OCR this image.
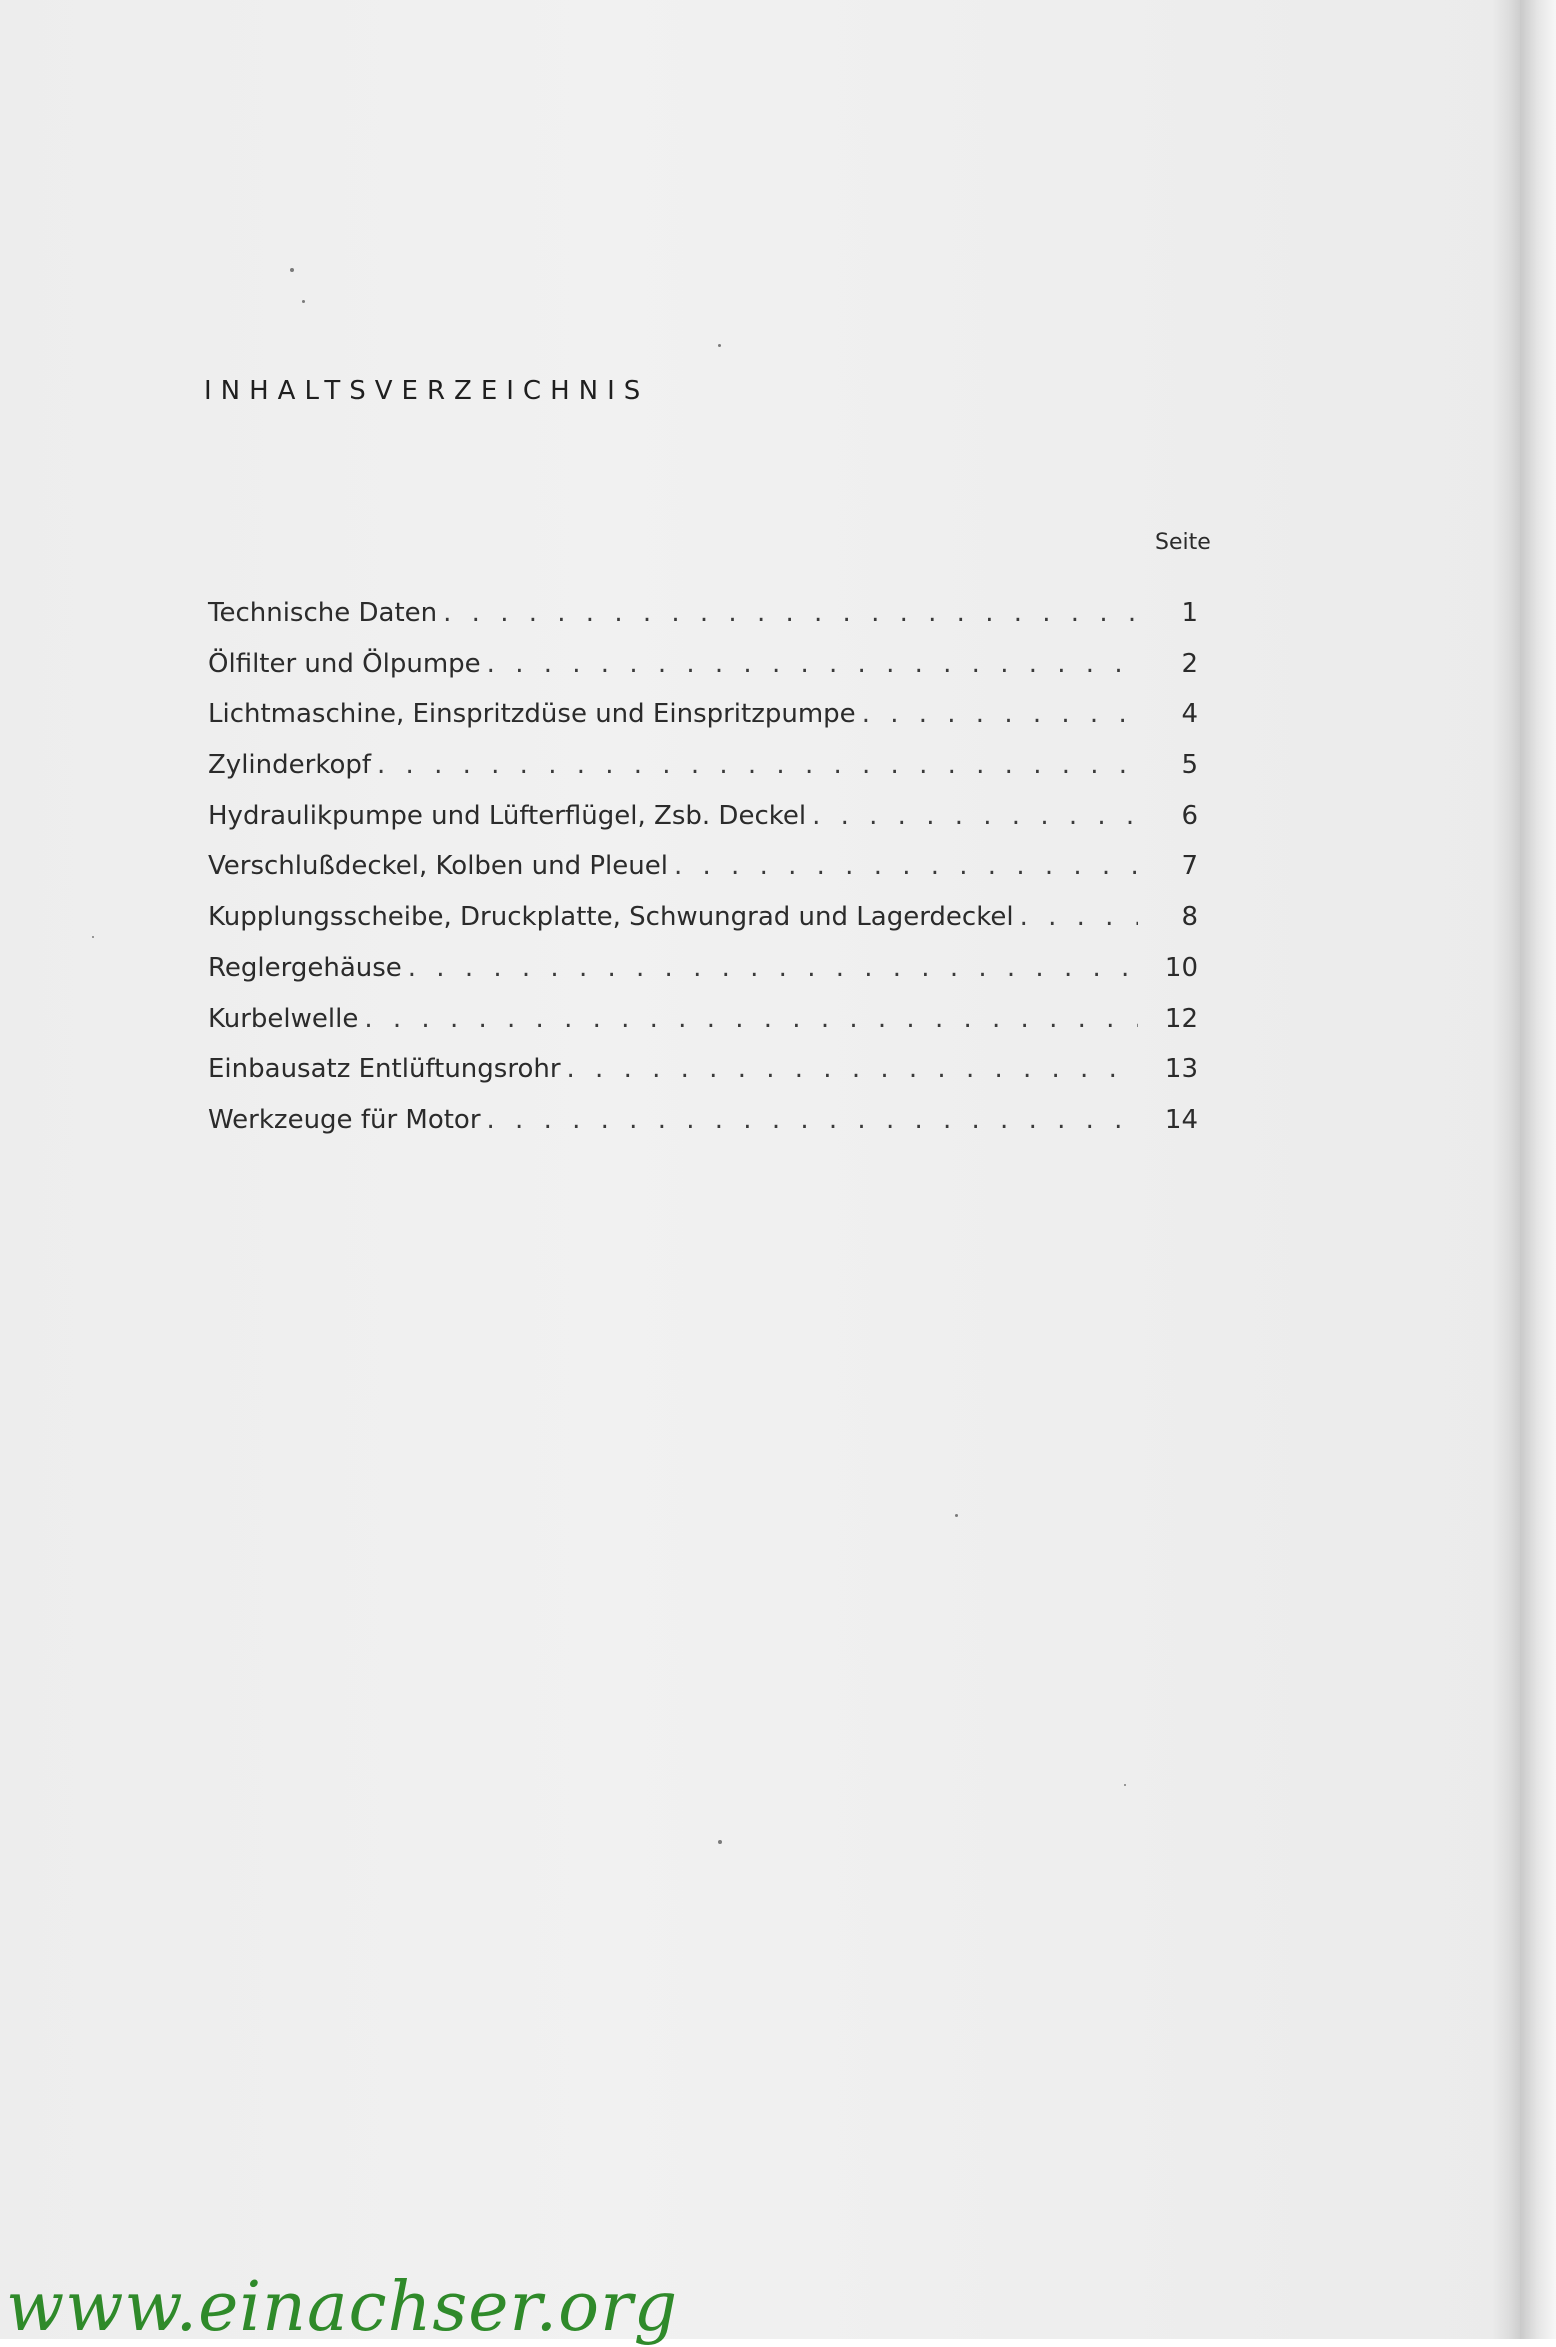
INHALTSVERZEICHNIS
Seite
Technische Daten . . .	1
Ölfilter und Ölpumpe . . .	2
Lichtmaschine, Einspritzdüse und Einspritzpumpe . . .	4
Zylinderkopf . . .	5
Hydraulikpumpe und Lüfterflügel, Zsb. Deckel . . .	6
Verschlußdeckel, Kolben und Pleuel . . .	7
Kupplungsscheibe, Druckplatte, Schwungrad und Lagerdeckel . . .	8
Reglergehäuse . . .	10
Kurbelwelle . . .	12
Einbausatz Entlüftungsrohr . . .	13
Werkzeuge für Motor . . .	14
www.einachser.org
